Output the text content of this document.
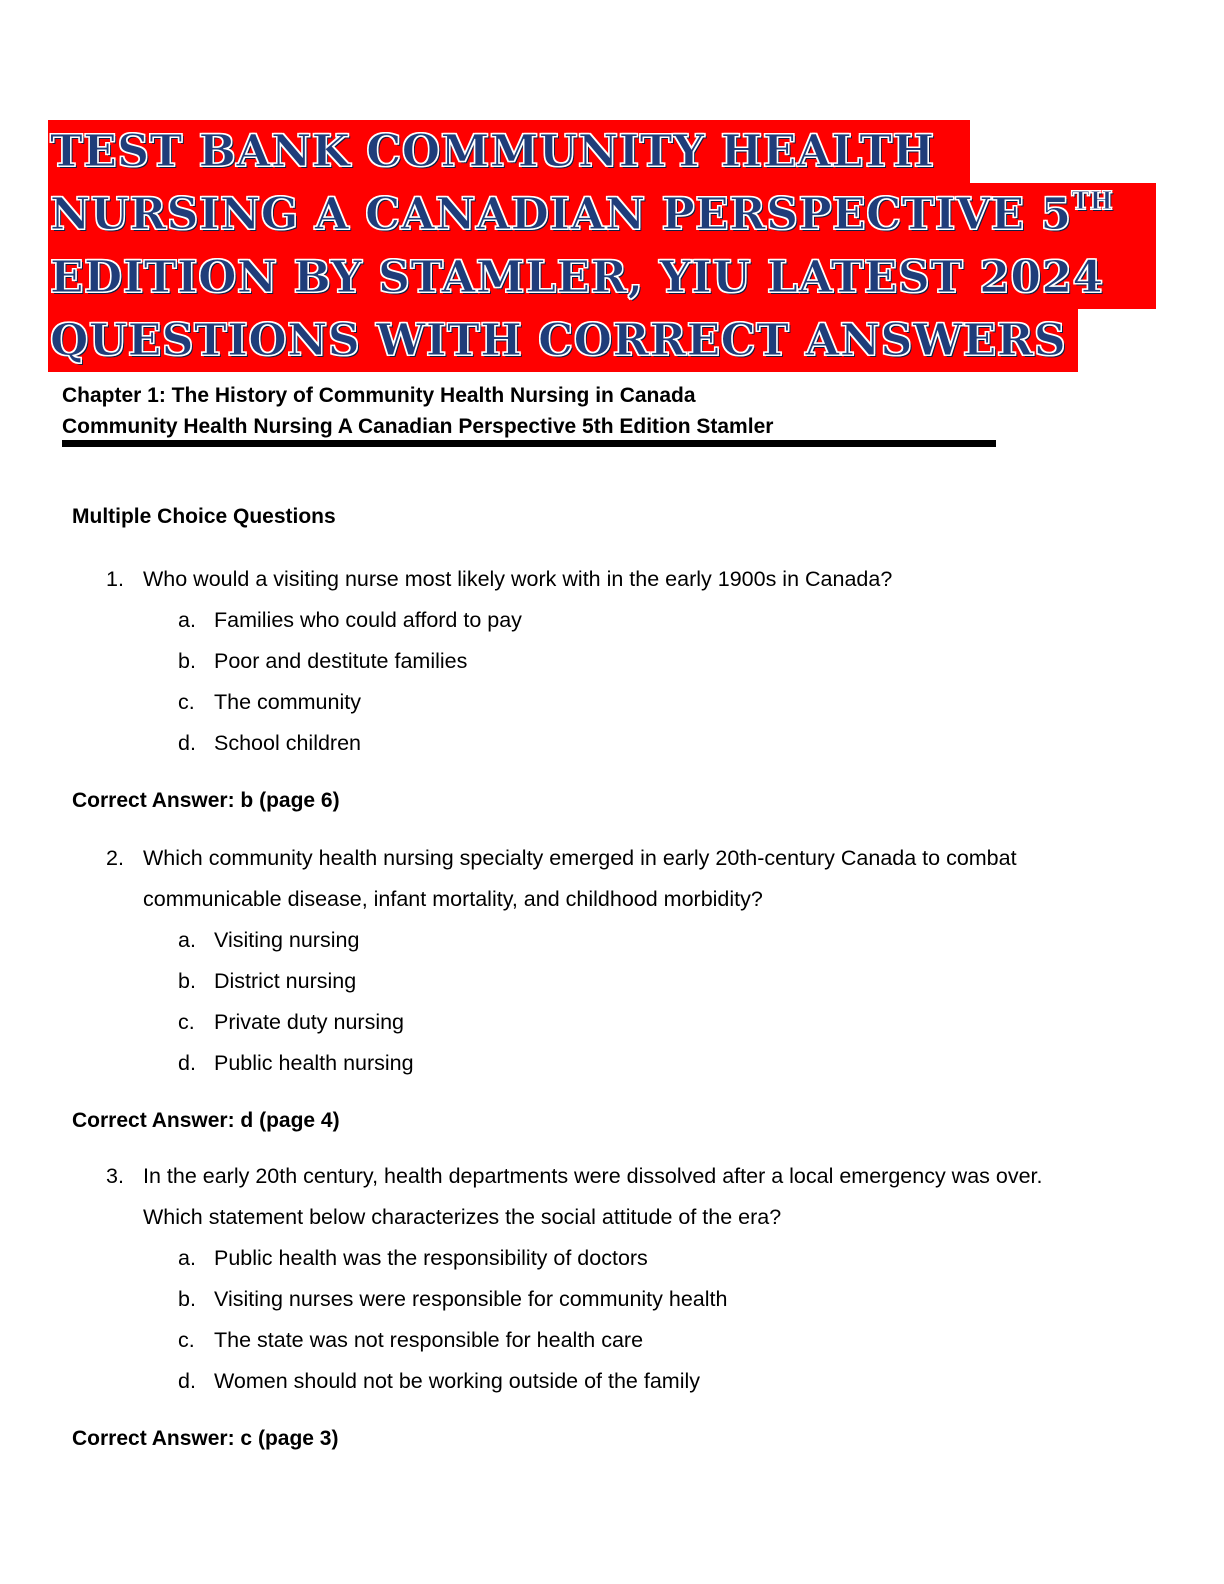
TEST BANK COMMUNITY HEALTH
NURSING A CANADIAN PERSPECTIVE 5TH
EDITION BY STAMLER, YIU LATEST 2024
QUESTIONS WITH CORRECT ANSWERS
Chapter 1: The History of Community Health Nursing in Canada
Community Health Nursing A Canadian Perspective 5th Edition Stamler
Multiple Choice Questions
1. Who would a visiting nurse most likely work with in the early 1900s in Canada?
a. Families who could afford to pay
b. Poor and destitute families
c. The community
d. School children
Correct Answer: b (page 6)
2. Which community health nursing specialty emerged in early 20th-century Canada to combat
communicable disease, infant mortality, and childhood morbidity?
a. Visiting nursing
b. District nursing
c. Private duty nursing
d. Public health nursing
Correct Answer: d (page 4)
3. In the early 20th century, health departments were dissolved after a local emergency was over.
Which statement below characterizes the social attitude of the era?
a. Public health was the responsibility of doctors
b. Visiting nurses were responsible for community health
c. The state was not responsible for health care
d. Women should not be working outside of the family
Correct Answer: c (page 3)
